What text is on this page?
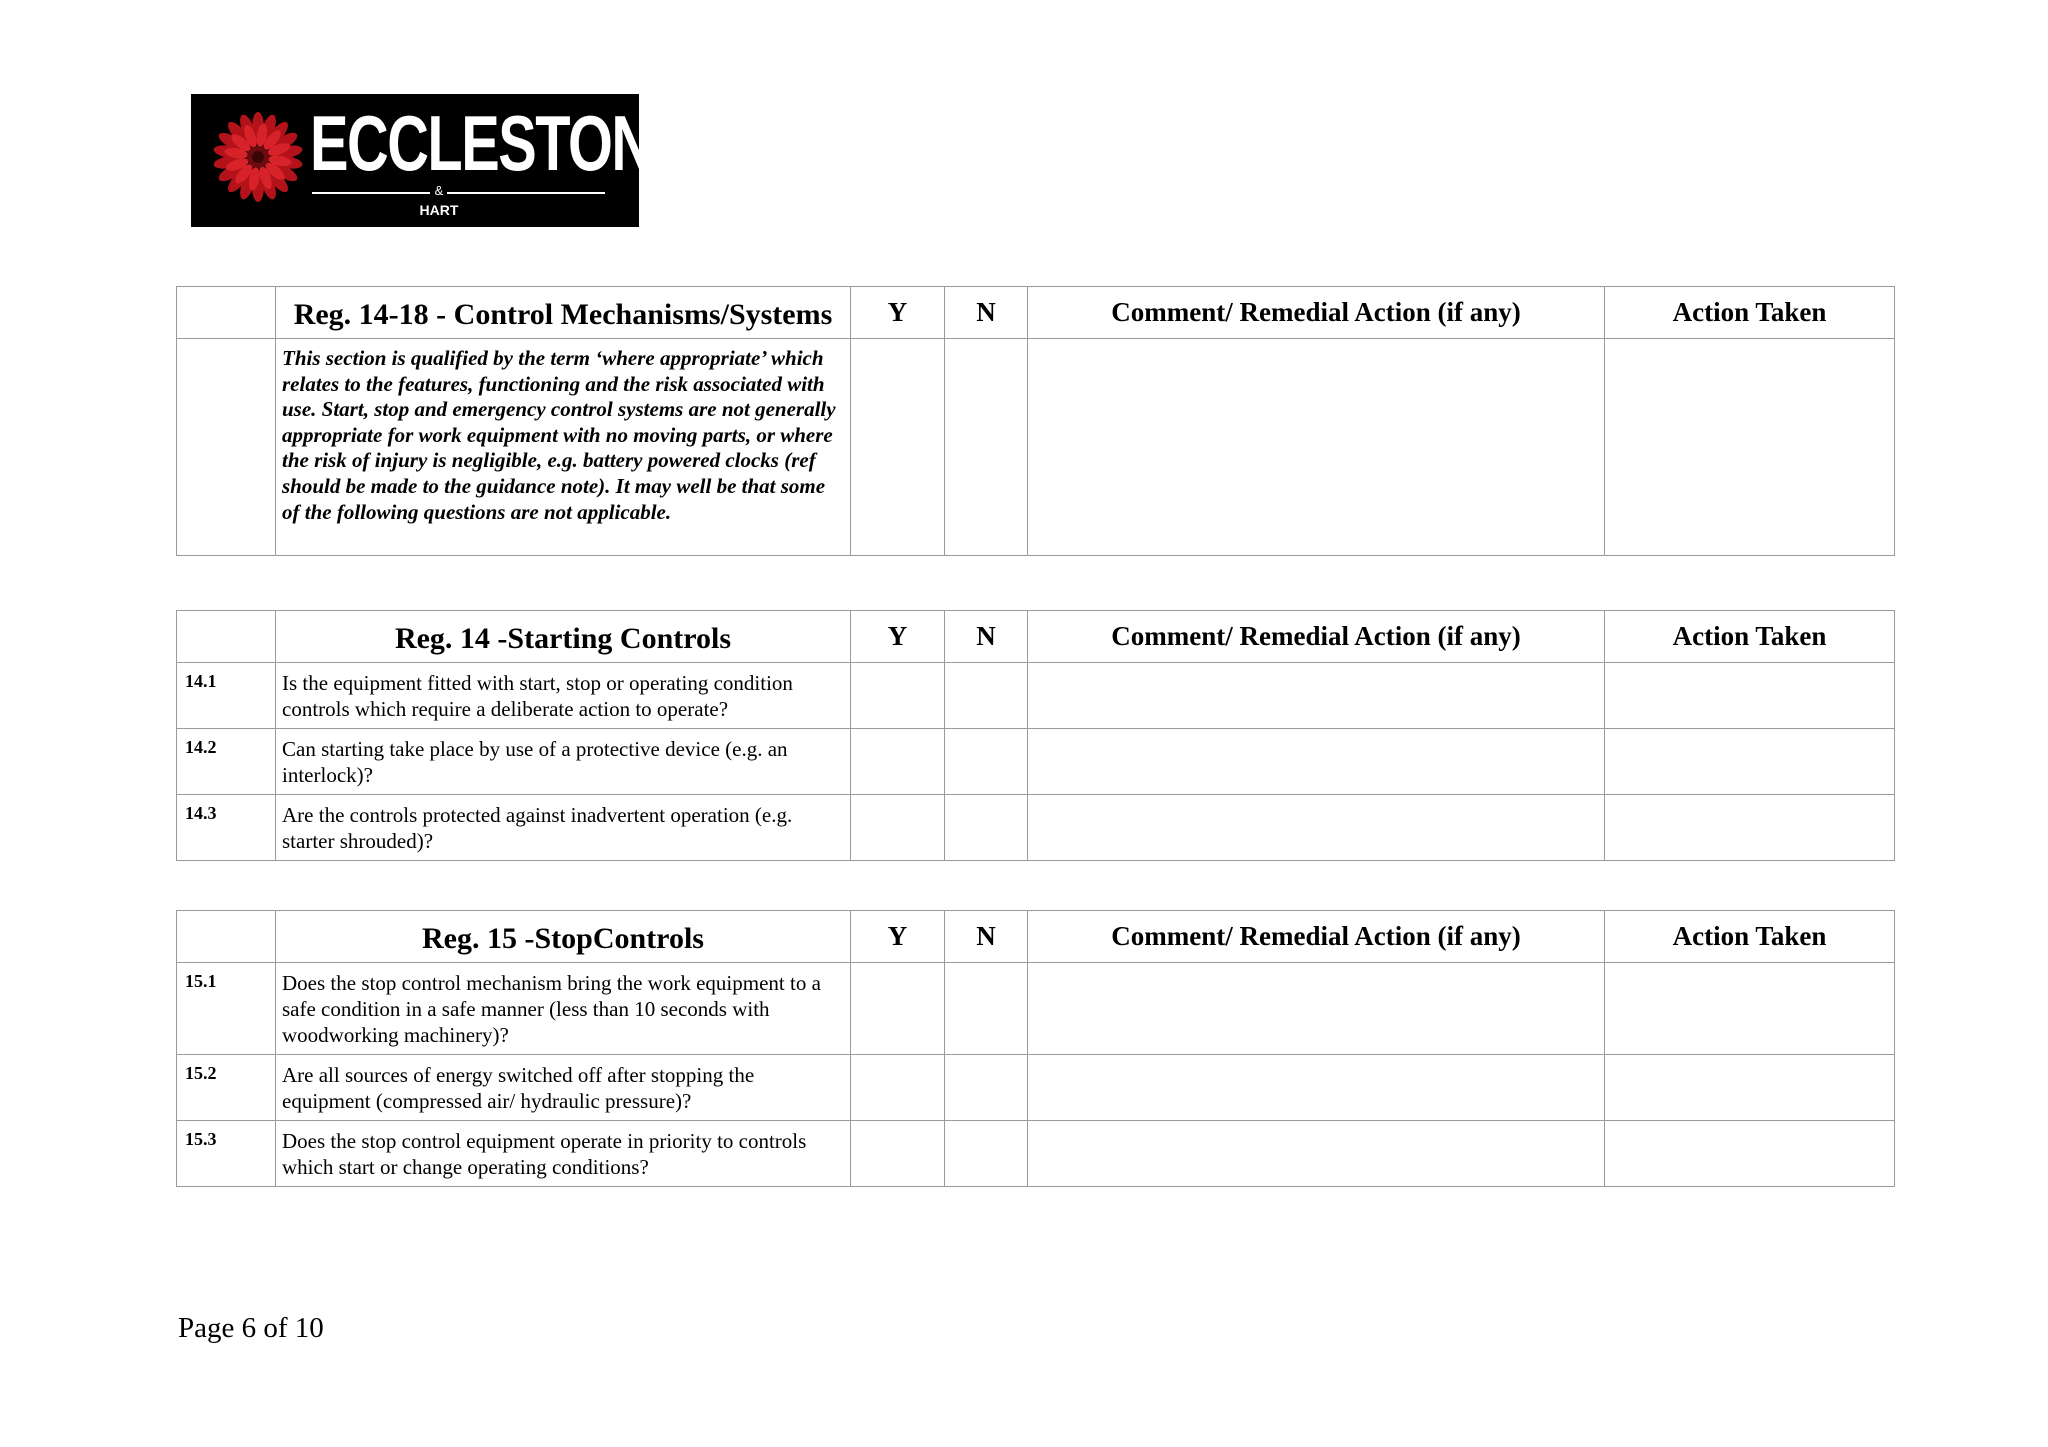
ECCLESTON
&
HART
	Reg. 14-18 - Control Mechanisms/Systems	Y	N	Comment/ Remedial Action (if any)	Action Taken
	This section is qualified by the term ‘where appropriate’ which relates to the features, functioning and the risk associated with use. Start, stop and emergency control systems are not generally appropriate for work equipment with no moving parts, or where the risk of injury is negligible, e.g. battery powered clocks (ref should be made to the guidance note). It may well be that some of the following questions are not applicable.				
	Reg. 14 -Starting Controls	Y	N	Comment/ Remedial Action (if any)	Action Taken
14.1	Is the equipment fitted with start, stop or operating condition controls which require a deliberate action to operate?				
14.2	Can starting take place by use of a protective device (e.g. an interlock)?				
14.3	Are the controls protected against inadvertent operation (e.g. starter shrouded)?				
	Reg. 15 -StopControls	Y	N	Comment/ Remedial Action (if any)	Action Taken
15.1	Does the stop control mechanism bring the work equipment to a safe condition in a safe manner (less than 10 seconds with woodworking machinery)?				
15.2	Are all sources of energy switched off after stopping the equipment (compressed air/ hydraulic pressure)?				
15.3	Does the stop control equipment operate in priority to controls which start or change operating conditions?				
Page 6 of 10
